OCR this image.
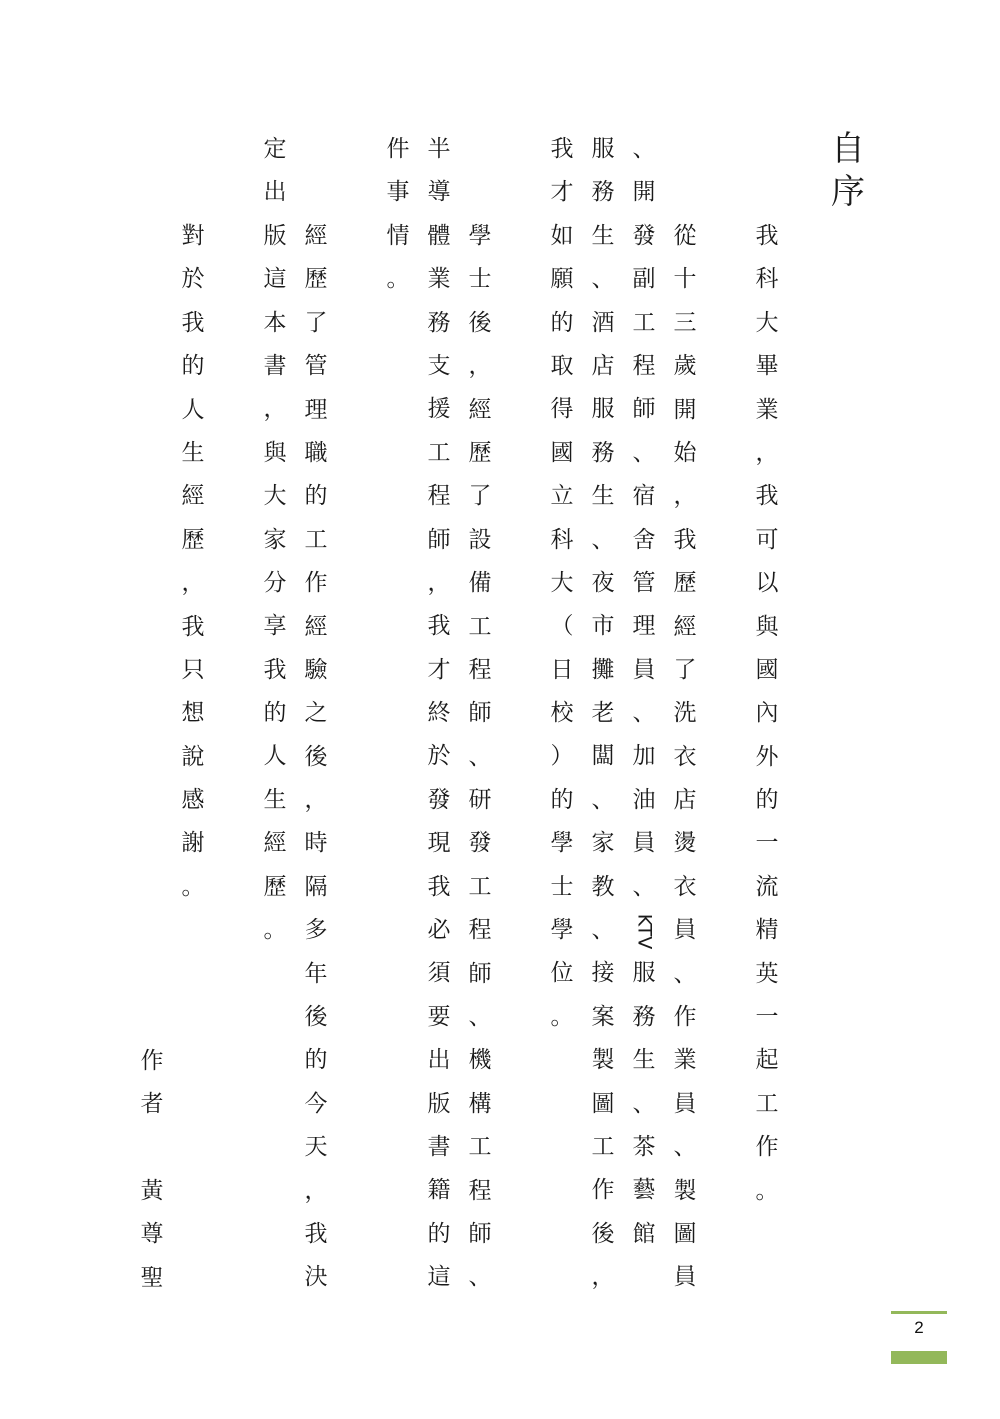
自序
我
科
大
畢
業
，
我
可
以
與
國
內
外
的
一
流
精
英
一
起
工
作
。
從
十
三
歲
開
始
，
我
歷
經
了
洗
衣
店
燙
衣
員
、
作
業
員
、
製
圖
員
、
開
發
副
工
程
師
、
宿
舍
管
理
員
、
加
油
員
、
KTV
服
務
生
、
茶
藝
館
服
務
生
、
酒
店
服
務
生
、
夜
市
攤
老
闆
、
家
教
、
接
案
製
圖
工
作
後
，
我
才
如
願
的
取
得
國
立
科
大
（
日
校
）
的
學
士
學
位
。
學
士
後
，
經
歷
了
設
備
工
程
師
、
研
發
工
程
師
、
機
構
工
程
師
、
半
導
體
業
務
支
援
工
程
師
，
我
才
終
於
發
現
我
必
須
要
出
版
書
籍
的
這
件
事
情
。
經
歷
了
管
理
職
的
工
作
經
驗
之
後
，
時
隔
多
年
後
的
今
天
，
我
決
定
出
版
這
本
書
，
與
大
家
分
享
我
的
人
生
經
歷
。
對
於
我
的
人
生
經
歷
，
我
只
想
說
感
謝
。
作
者
黃
尊
聖
2
